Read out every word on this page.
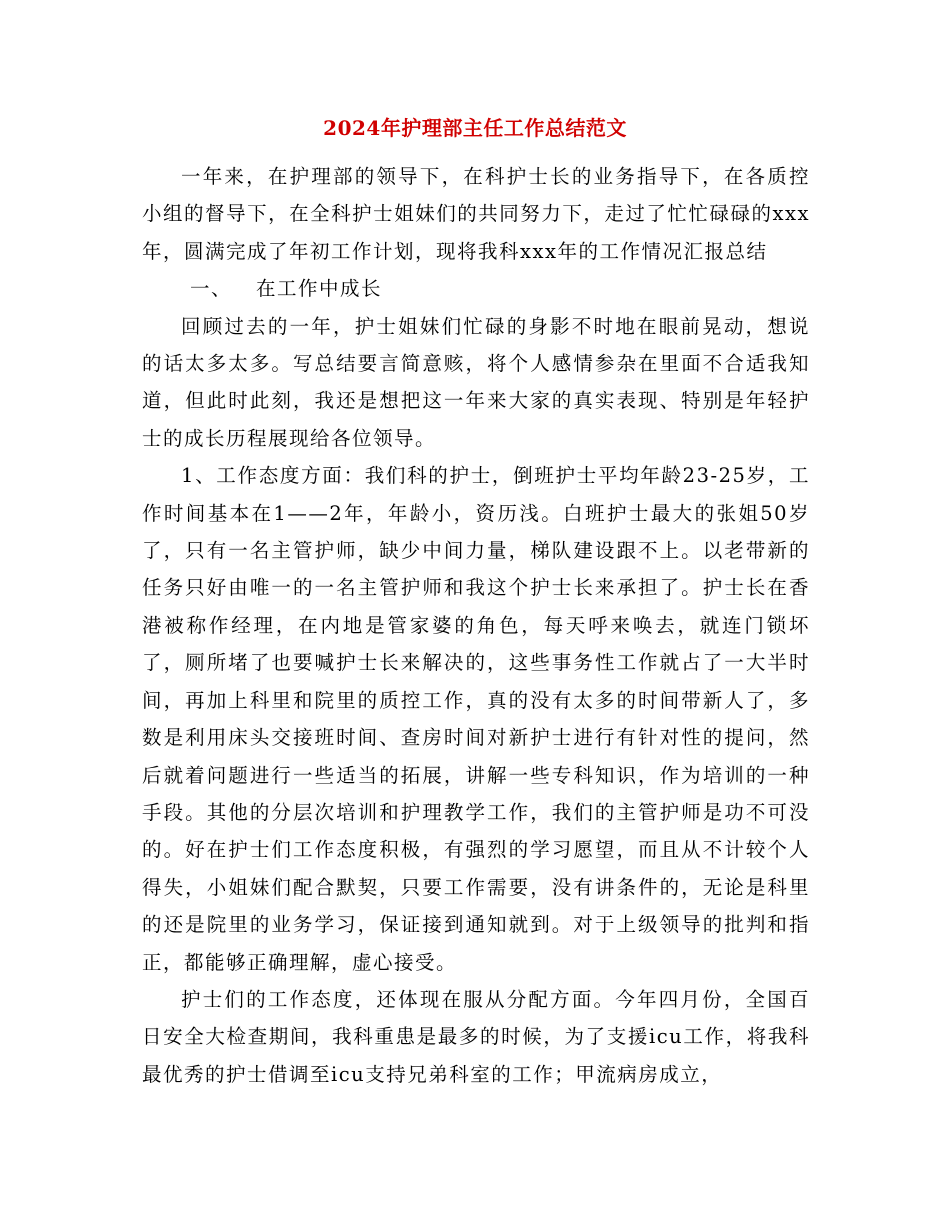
2024年护理部主任工作总结范文

一年来，在护理部的领导下，在科护士长的业务指导下，在各质控小组的督导下，在全科护士姐妹们的共同努力下，走过了忙忙碌碌的xxx年，圆满完成了年初工作计划，现将我科xxx年的工作情况汇报总结

一、 在工作中成长

回顾过去的一年，护士姐妹们忙碌的身影不时地在眼前晃动，想说的话太多太多。写总结要言简意赅，将个人感情参杂在里面不合适我知道，但此时此刻，我还是想把这一年来大家的真实表现、特别是年轻护士的成长历程展现给各位领导。

1、工作态度方面：我们科的护士，倒班护士平均年龄23-25岁，工作时间基本在1——2年，年龄小，资历浅。白班护士最大的张姐50岁了，只有一名主管护师，缺少中间力量，梯队建设跟不上。以老带新的任务只好由唯一的一名主管护师和我这个护士长来承担了。护士长在香港被称作经理，在内地是管家婆的角色，每天呼来唤去，就连门锁坏了，厕所堵了也要喊护士长来解决的，这些事务性工作就占了一大半时间，再加上科里和院里的质控工作，真的没有太多的时间带新人了，多数是利用床头交接班时间、查房时间对新护士进行有针对性的提问，然后就着问题进行一些适当的拓展，讲解一些专科知识，作为培训的一种手段。其他的分层次培训和护理教学工作，我们的主管护师是功不可没的。好在护士们工作态度积极，有强烈的学习愿望，而且从不计较个人得失，小姐妹们配合默契，只要工作需要，没有讲条件的，无论是科里的还是院里的业务学习，保证接到通知就到。对于上级领导的批判和指正，都能够正确理解，虚心接受。

护士们的工作态度，还体现在服从分配方面。今年四月份，全国百日安全大检查期间，我科重患是最多的时候，为了支援icu工作，将我科最优秀的护士借调至icu支持兄弟科室的工作；甲流病房成立，
